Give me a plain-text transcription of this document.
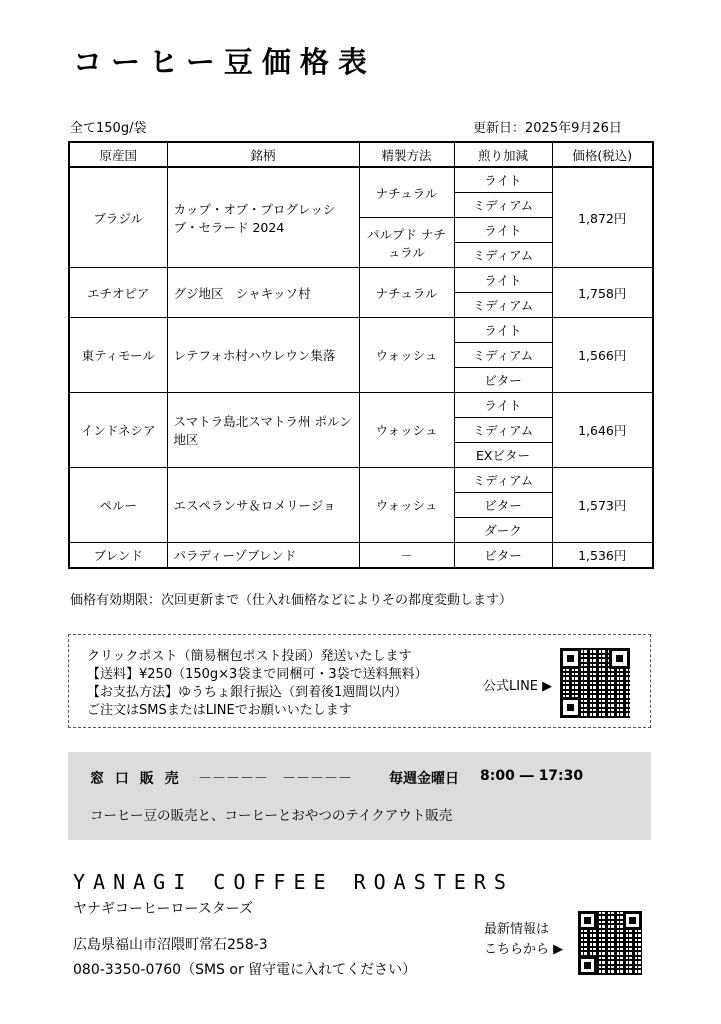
コーヒー豆価格表
全て150g/袋	更新日：2025年9月26日
原産国	銘柄	精製方法	煎り加減	価格(税込)
ブラジル	カップ・オブ・プログレッシブ・セラード 2024	ナチュラル	ライト	1,872円
			ミディアム	
		パルプド ナチュラル	ライト	
			ミディアム	
エチオピア	グジ地区　シャキッソ村	ナチュラル	ライト	1,758円
			ミディアム	
東ティモール	レテフォホ村ハウレウン集落	ウォッシュ	ライト	1,566円
			ミディアム	
			ビター	
インドネシア	スマトラ島北スマトラ州 ポルン地区	ウォッシュ	ライト	1,646円
			ミディアム	
			EXビター	
ペルー	エスペランサ＆ロメリージョ	ウォッシュ	ミディアム	1,573円
			ビター	
			ダーク	
ブレンド	パラディーゾブレンド	－	ビター	1,536円
価格有効期限：次回更新まで（仕入れ価格などによりその都度変動します）
クリックポスト（簡易梱包ポスト投函）発送いたします
【送料】¥250（150g×3袋まで同梱可・3袋で送料無料）
【お支払方法】ゆうちょ銀行振込（到着後1週間以内）
ご注文はSMSまたはLINEでお願いいたします
公式LINE ▶
窓 口 販 売 －－－－－　－－－－－	毎週金曜日 8:00 ― 17:30
コーヒー豆の販売と、コーヒーとおやつのテイクアウト販売
YANAGI COFFEE ROASTERS
ヤナギコーヒーロースターズ
広島県福山市沼隈町常石258-3
080-3350-0760（SMS or 留守電に入れてください）
最新情報は
こちらから ▶
